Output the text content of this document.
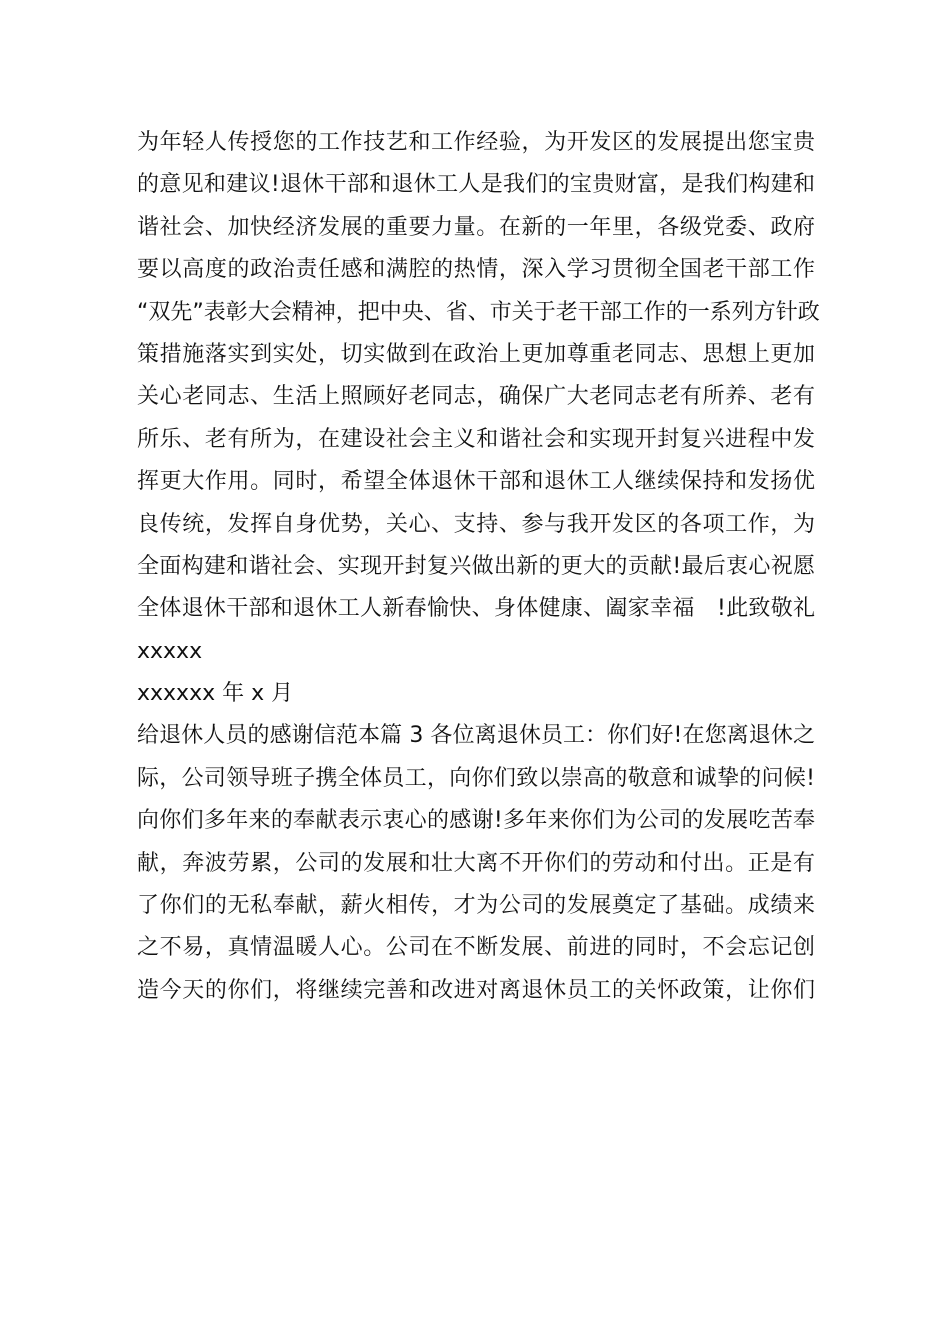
为年轻人传授您的工作技艺和工作经验，为开发区的发展提出您宝贵
的意见和建议!退休干部和退休工人是我们的宝贵财富，是我们构建和
谐社会、加快经济发展的重要力量。在新的一年里，各级党委、政府
要以高度的政治责任感和满腔的热情，深入学习贯彻全国老干部工作
“双先”表彰大会精神，把中央、省、市关于老干部工作的一系列方针政
策措施落实到实处，切实做到在政治上更加尊重老同志、思想上更加
关心老同志、生活上照顾好老同志，确保广大老同志老有所养、老有
所乐、老有所为，在建设社会主义和谐社会和实现开封复兴进程中发
挥更大作用。同时，希望全体退休干部和退休工人继续保持和发扬优
良传统，发挥自身优势，关心、支持、参与我开发区的各项工作，为
全面构建和谐社会、实现开封复兴做出新的更大的贡献!最后衷心祝愿
全体退休干部和退休工人新春愉快、身体健康、阖家幸福　!此致敬礼
xxxxx
xxxxxx 年 x 月
给退休人员的感谢信范本篇 3 各位离退休员工：你们好!在您离退休之
际，公司领导班子携全体员工，向你们致以崇高的敬意和诚挚的问候!
向你们多年来的奉献表示衷心的感谢!多年来你们为公司的发展吃苦奉
献，奔波劳累，公司的发展和壮大离不开你们的劳动和付出。正是有
了你们的无私奉献，薪火相传，才为公司的发展奠定了基础。成绩来
之不易，真情温暖人心。公司在不断发展、前进的同时，不会忘记创
造今天的你们，将继续完善和改进对离退休员工的关怀政策，让你们
